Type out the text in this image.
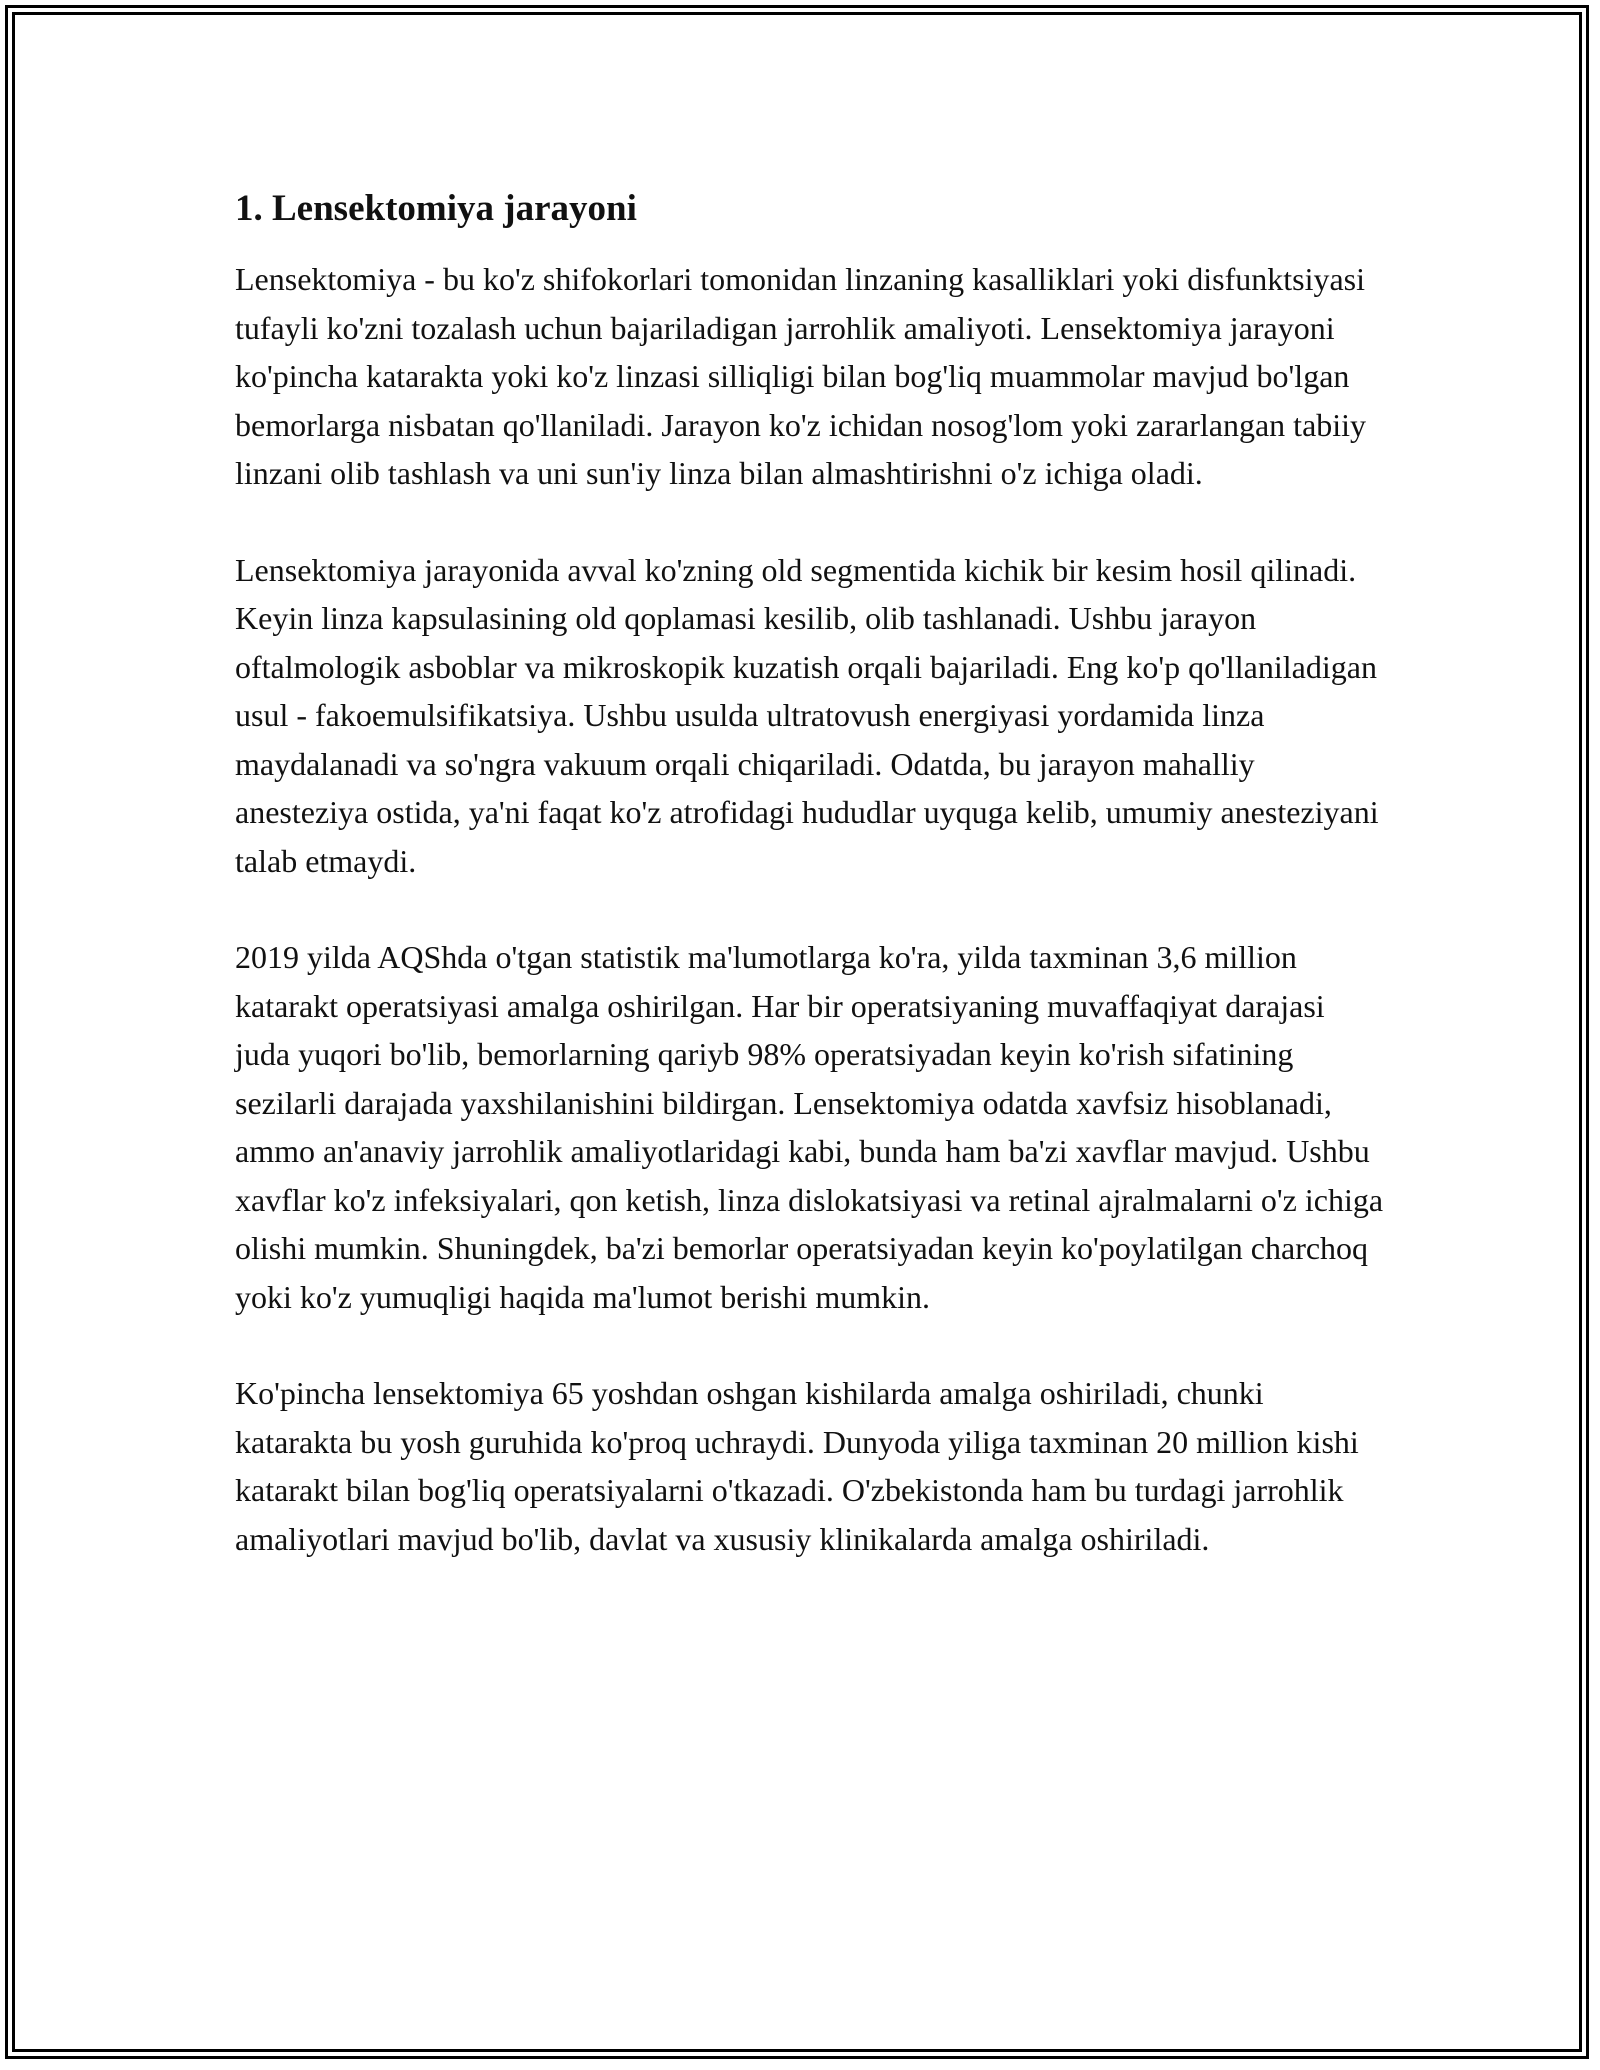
1. Lensektomiya jarayoni

Lensektomiya - bu ko'z shifokorlari tomonidan linzaning kasalliklari yoki disfunktsiyasi tufayli ko'zni tozalash uchun bajariladigan jarrohlik amaliyoti. Lensektomiya jarayoni ko'pincha katarakta yoki ko'z linzasi silliqligi bilan bog'liq muammolar mavjud bo'lgan bemorlarga nisbatan qo'llaniladi. Jarayon ko'z ichidan nosog'lom yoki zararlangan tabiiy linzani olib tashlash va uni sun'iy linza bilan almashtirishni o'z ichiga oladi.

Lensektomiya jarayonida avval ko'zning old segmentida kichik bir kesim hosil qilinadi. Keyin linza kapsulasining old qoplamasi kesilib, olib tashlanadi. Ushbu jarayon oftalmologik asboblar va mikroskopik kuzatish orqali bajariladi. Eng ko'p qo'llaniladigan usul - fakoemulsifikatsiya. Ushbu usulda ultratovush energiyasi yordamida linza maydalanadi va so'ngra vakuum orqali chiqariladi. Odatda, bu jarayon mahalliy anesteziya ostida, ya'ni faqat ko'z atrofidagi hududlar uyquga kelib, umumiy anesteziyani talab etmaydi.

2019 yilda AQShda o'tgan statistik ma'lumotlarga ko'ra, yilda taxminan 3,6 million katarakt operatsiyasi amalga oshirilgan. Har bir operatsiyaning muvaffaqiyat darajasi juda yuqori bo'lib, bemorlarning qariyb 98% operatsiyadan keyin ko'rish sifatining sezilarli darajada yaxshilanishini bildirgan. Lensektomiya odatda xavfsiz hisoblanadi, ammo an'anaviy jarrohlik amaliyotlaridagi kabi, bunda ham ba'zi xavflar mavjud. Ushbu xavflar ko'z infeksiyalari, qon ketish, linza dislokatsiyasi va retinal ajralmalarni o'z ichiga olishi mumkin. Shuningdek, ba'zi bemorlar operatsiyadan keyin ko'poylatilgan charchoq yoki ko'z yumuqligi haqida ma'lumot berishi mumkin.

Ko'pincha lensektomiya 65 yoshdan oshgan kishilarda amalga oshiriladi, chunki katarakta bu yosh guruhida ko'proq uchraydi. Dunyoda yiliga taxminan 20 million kishi katarakt bilan bog'liq operatsiyalarni o'tkazadi. O'zbekistonda ham bu turdagi jarrohlik amaliyotlari mavjud bo'lib, davlat va xususiy klinikalarda amalga oshiriladi.
